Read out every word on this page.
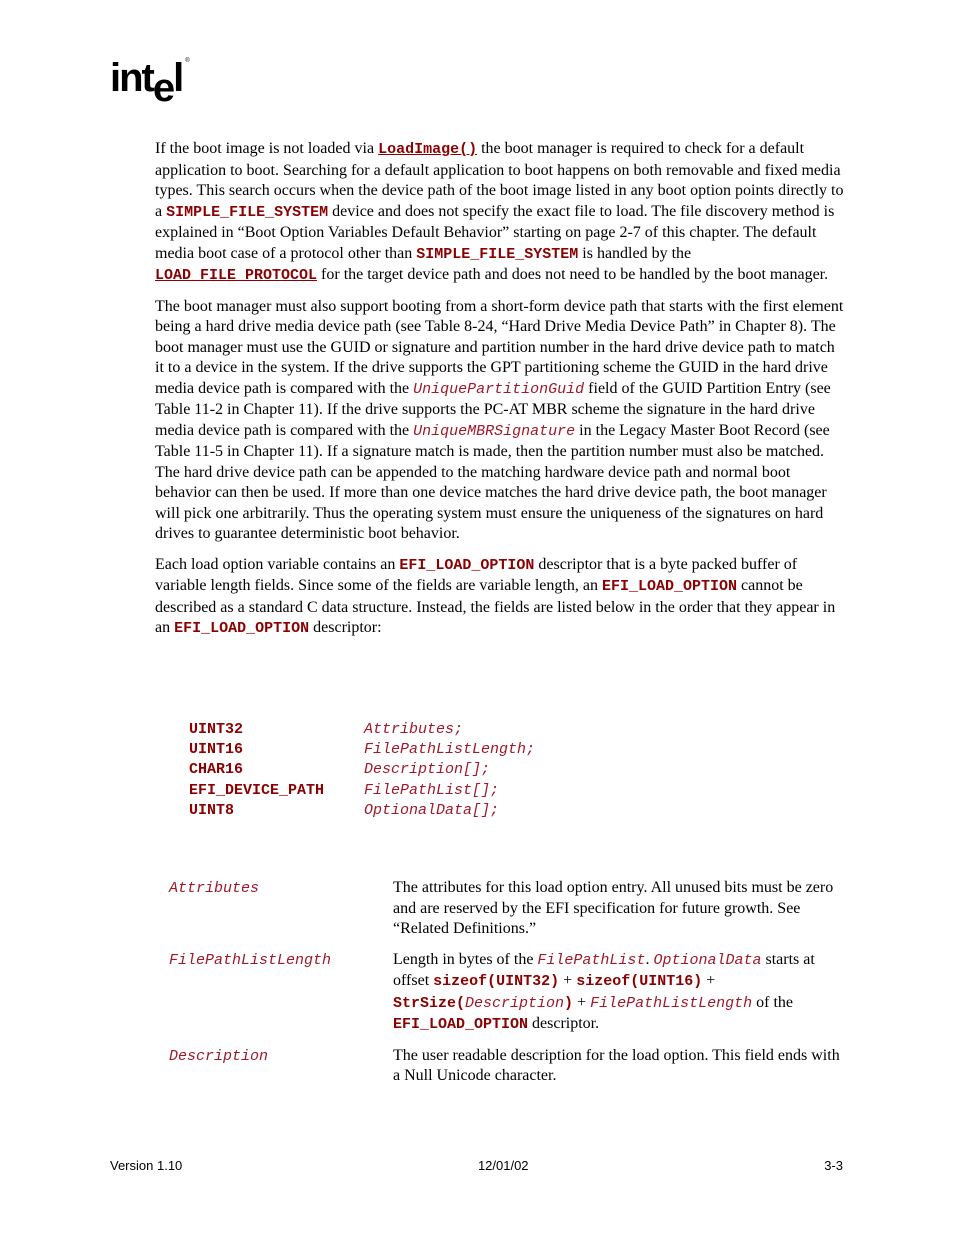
intel ®

If the boot image is not loaded via LoadImage() the boot manager is required to check for a default application to boot. Searching for a default application to boot happens on both removable and fixed media types. This search occurs when the device path of the boot image listed in any boot option points directly to a SIMPLE_FILE_SYSTEM device and does not specify the exact file to load. The file discovery method is explained in “Boot Option Variables Default Behavior” starting on page 2-7 of this chapter. The default media boot case of a protocol other than SIMPLE_FILE_SYSTEM is handled by the LOAD_FILE_PROTOCOL for the target device path and does not need to be handled by the boot manager.

The boot manager must also support booting from a short-form device path that starts with the first element being a hard drive media device path (see Table 8-24, “Hard Drive Media Device Path” in Chapter 8). The boot manager must use the GUID or signature and partition number in the hard drive device path to match it to a device in the system. If the drive supports the GPT partitioning scheme the GUID in the hard drive media device path is compared with the UniquePartitionGuid field of the GUID Partition Entry (see Table 11-2 in Chapter 11). If the drive supports the PC-AT MBR scheme the signature in the hard drive media device path is compared with the UniqueMBRSignature in the Legacy Master Boot Record (see Table 11-5 in Chapter 11). If a signature match is made, then the partition number must also be matched. The hard drive device path can be appended to the matching hardware device path and normal boot behavior can then be used. If more than one device matches the hard drive device path, the boot manager will pick one arbitrarily. Thus the operating system must ensure the uniqueness of the signatures on hard drives to guarantee deterministic boot behavior.

Each load option variable contains an EFI_LOAD_OPTION descriptor that is a byte packed buffer of variable length fields. Since some of the fields are variable length, an EFI_LOAD_OPTION cannot be described as a standard C data structure. Instead, the fields are listed below in the order that they appear in an EFI_LOAD_OPTION descriptor:

UINT32	Attributes;
UINT16	FilePathListLength;
CHAR16	Description[];
EFI_DEVICE_PATH	FilePathList[];
UINT8	OptionalData[];
Attributes	The attributes for this load option entry. All unused bits must be zero and are reserved by the EFI specification for future growth. See “Related Definitions.”
FilePathListLength	Length in bytes of the FilePathList. OptionalData starts at offset sizeof(UINT32) + sizeof(UINT16) + StrSize(Description) + FilePathListLength of the EFI_LOAD_OPTION descriptor.
Description	The user readable description for the load option. This field ends with a Null Unicode character.
Version 1.10	12/01/02	3-3
